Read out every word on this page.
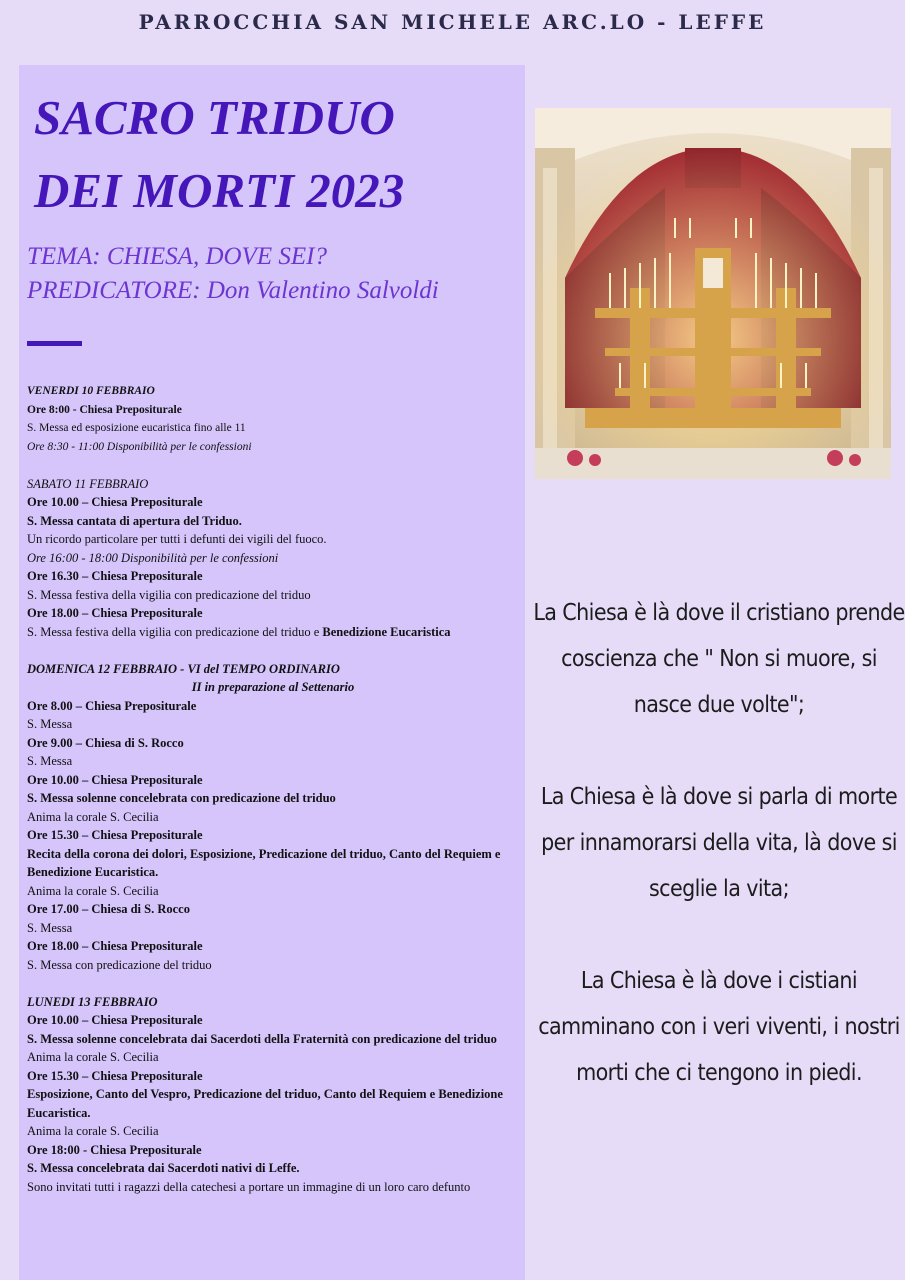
PARROCCHIA SAN MICHELE ARC.LO - LEFFE
SACRO TRIDUO
DEI MORTI 2023
TEMA: CHIESA, DOVE SEI?
PREDICATORE: Don Valentino Salvoldi
VENERDI 10 FEBBRAIO
Ore 8:00 - Chiesa Prepositurale
S. Messa ed esposizione eucaristica fino alle 11
Ore 8:30 - 11:00 Disponibilità per le confessioni
SABATO 11 FEBBRAIO
Ore 10.00 – Chiesa Prepositurale
S. Messa cantata di apertura del Triduo.
Un ricordo particolare per tutti i defunti dei vigili del fuoco.
Ore 16:00 - 18:00 Disponibilità per le confessioni
Ore 16.30 – Chiesa Prepositurale
S. Messa festiva della vigilia con predicazione del triduo
Ore 18.00 – Chiesa Prepositurale
S. Messa festiva della vigilia con predicazione del triduo e Benedizione Eucaristica
DOMENICA 12 FEBBRAIO - VI del TEMPO ORDINARIO
II in preparazione al Settenario
Ore 8.00 – Chiesa Prepositurale
S. Messa
Ore 9.00 – Chiesa di S. Rocco
S. Messa
Ore 10.00 – Chiesa Prepositurale
S. Messa solenne concelebrata con predicazione del triduo
Anima la corale S. Cecilia
Ore 15.30 – Chiesa Prepositurale
Recita della corona dei dolori, Esposizione, Predicazione del triduo, Canto del Requiem e Benedizione Eucaristica.
Anima la corale S. Cecilia
Ore 17.00 – Chiesa di S. Rocco
S. Messa
Ore 18.00 – Chiesa Prepositurale
S. Messa con predicazione del triduo
LUNEDI 13 FEBBRAIO
Ore 10.00 – Chiesa Prepositurale
S. Messa solenne concelebrata dai Sacerdoti della Fraternità con predicazione del triduo
Anima la corale S. Cecilia
Ore 15.30 – Chiesa Prepositurale
Esposizione, Canto del Vespro, Predicazione del triduo, Canto del Requiem e Benedizione Eucaristica.
Anima la corale S. Cecilia
Ore 18:00 - Chiesa Prepositurale
S. Messa concelebrata dai Sacerdoti nativi di Leffe.
Sono invitati tutti i ragazzi della catechesi a portare un immagine di un loro caro defunto
La Chiesa è là dove il cristiano prende coscienza che " Non si muore, si nasce due volte";
La Chiesa è là dove si parla di morte per innamorarsi della vita, là dove si sceglie la vita;
La Chiesa è là dove i cistiani camminano con i veri viventi, i nostri morti che ci tengono in piedi.
